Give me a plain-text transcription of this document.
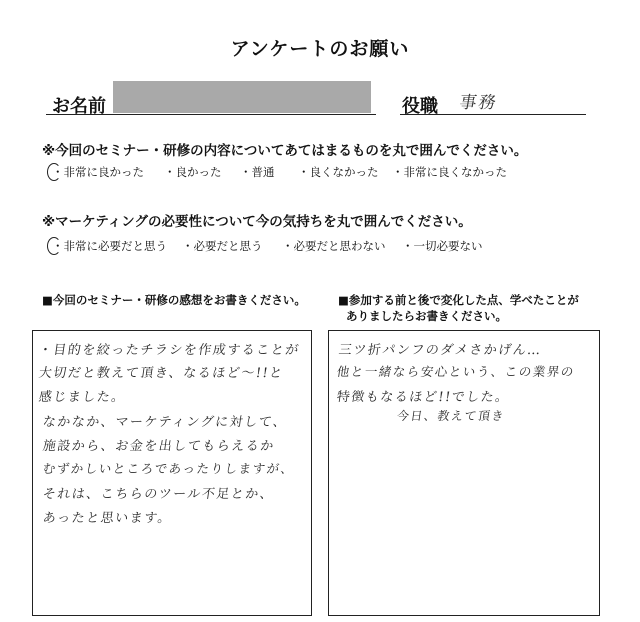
アンケートのお願い
お名前	役職 事務
※今回のセミナー・研修の内容についてあてはまるものを丸で囲んでください。
・非常に良かった ・良かった ・普通 ・良くなかった ・非常に良くなかった
※マーケティングの必要性について今の気持ちを丸で囲んでください。
・非常に必要だと思う ・必要だと思う ・必要だと思わない ・一切必要ない
■今回のセミナー・研修の感想をお書きください。
・目的を絞ったチラシを作成することが
大切だと教えて頂き、なるほど〜!!と
感じました。
なかなか、マーケティングに対して、
施設から、お金を出してもらえるか
むずかしいところであったりしますが、
それは、こちらのツール不足とか、
あったと思います。
■参加する前と後で変化した点、学べたことが
ありましたらお書きください。
三ツ折パンフのダメさかげん…
他と一緒なら安心という、この業界の
特徴もなるほど!!でした。
今日、教えて頂き
